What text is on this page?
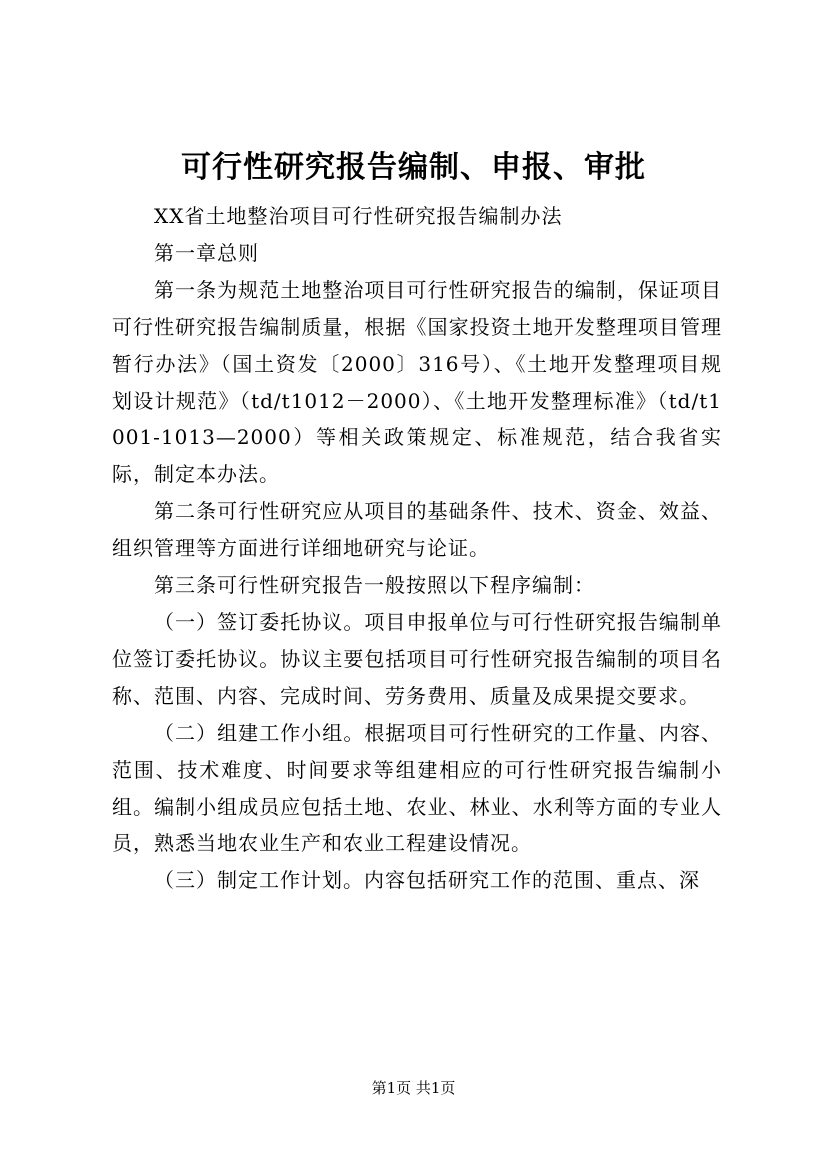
可行性研究报告编制、申报、审批

XX省土地整治项目可行性研究报告编制办法

第一章总则

第一条为规范土地整治项目可行性研究报告的编制，保证项目可行性研究报告编制质量，根据《国家投资土地开发整理项目管理暂行办法》（国土资发〔2000〕316号）、《土地开发整理项目规划设计规范》（td/t1012－2000）、《土地开发整理标准》（td/t1001-1013—2000）等相关政策规定、标准规范，结合我省实际，制定本办法。

第二条可行性研究应从项目的基础条件、技术、资金、效益、组织管理等方面进行详细地研究与论证。

第三条可行性研究报告一般按照以下程序编制：

（一）签订委托协议。项目申报单位与可行性研究报告编制单位签订委托协议。协议主要包括项目可行性研究报告编制的项目名称、范围、内容、完成时间、劳务费用、质量及成果提交要求。

（二）组建工作小组。根据项目可行性研究的工作量、内容、范围、技术难度、时间要求等组建相应的可行性研究报告编制小组。编制小组成员应包括土地、农业、林业、水利等方面的专业人员，熟悉当地农业生产和农业工程建设情况。

（三）制定工作计划。内容包括研究工作的范围、重点、深

第1页 共1页
